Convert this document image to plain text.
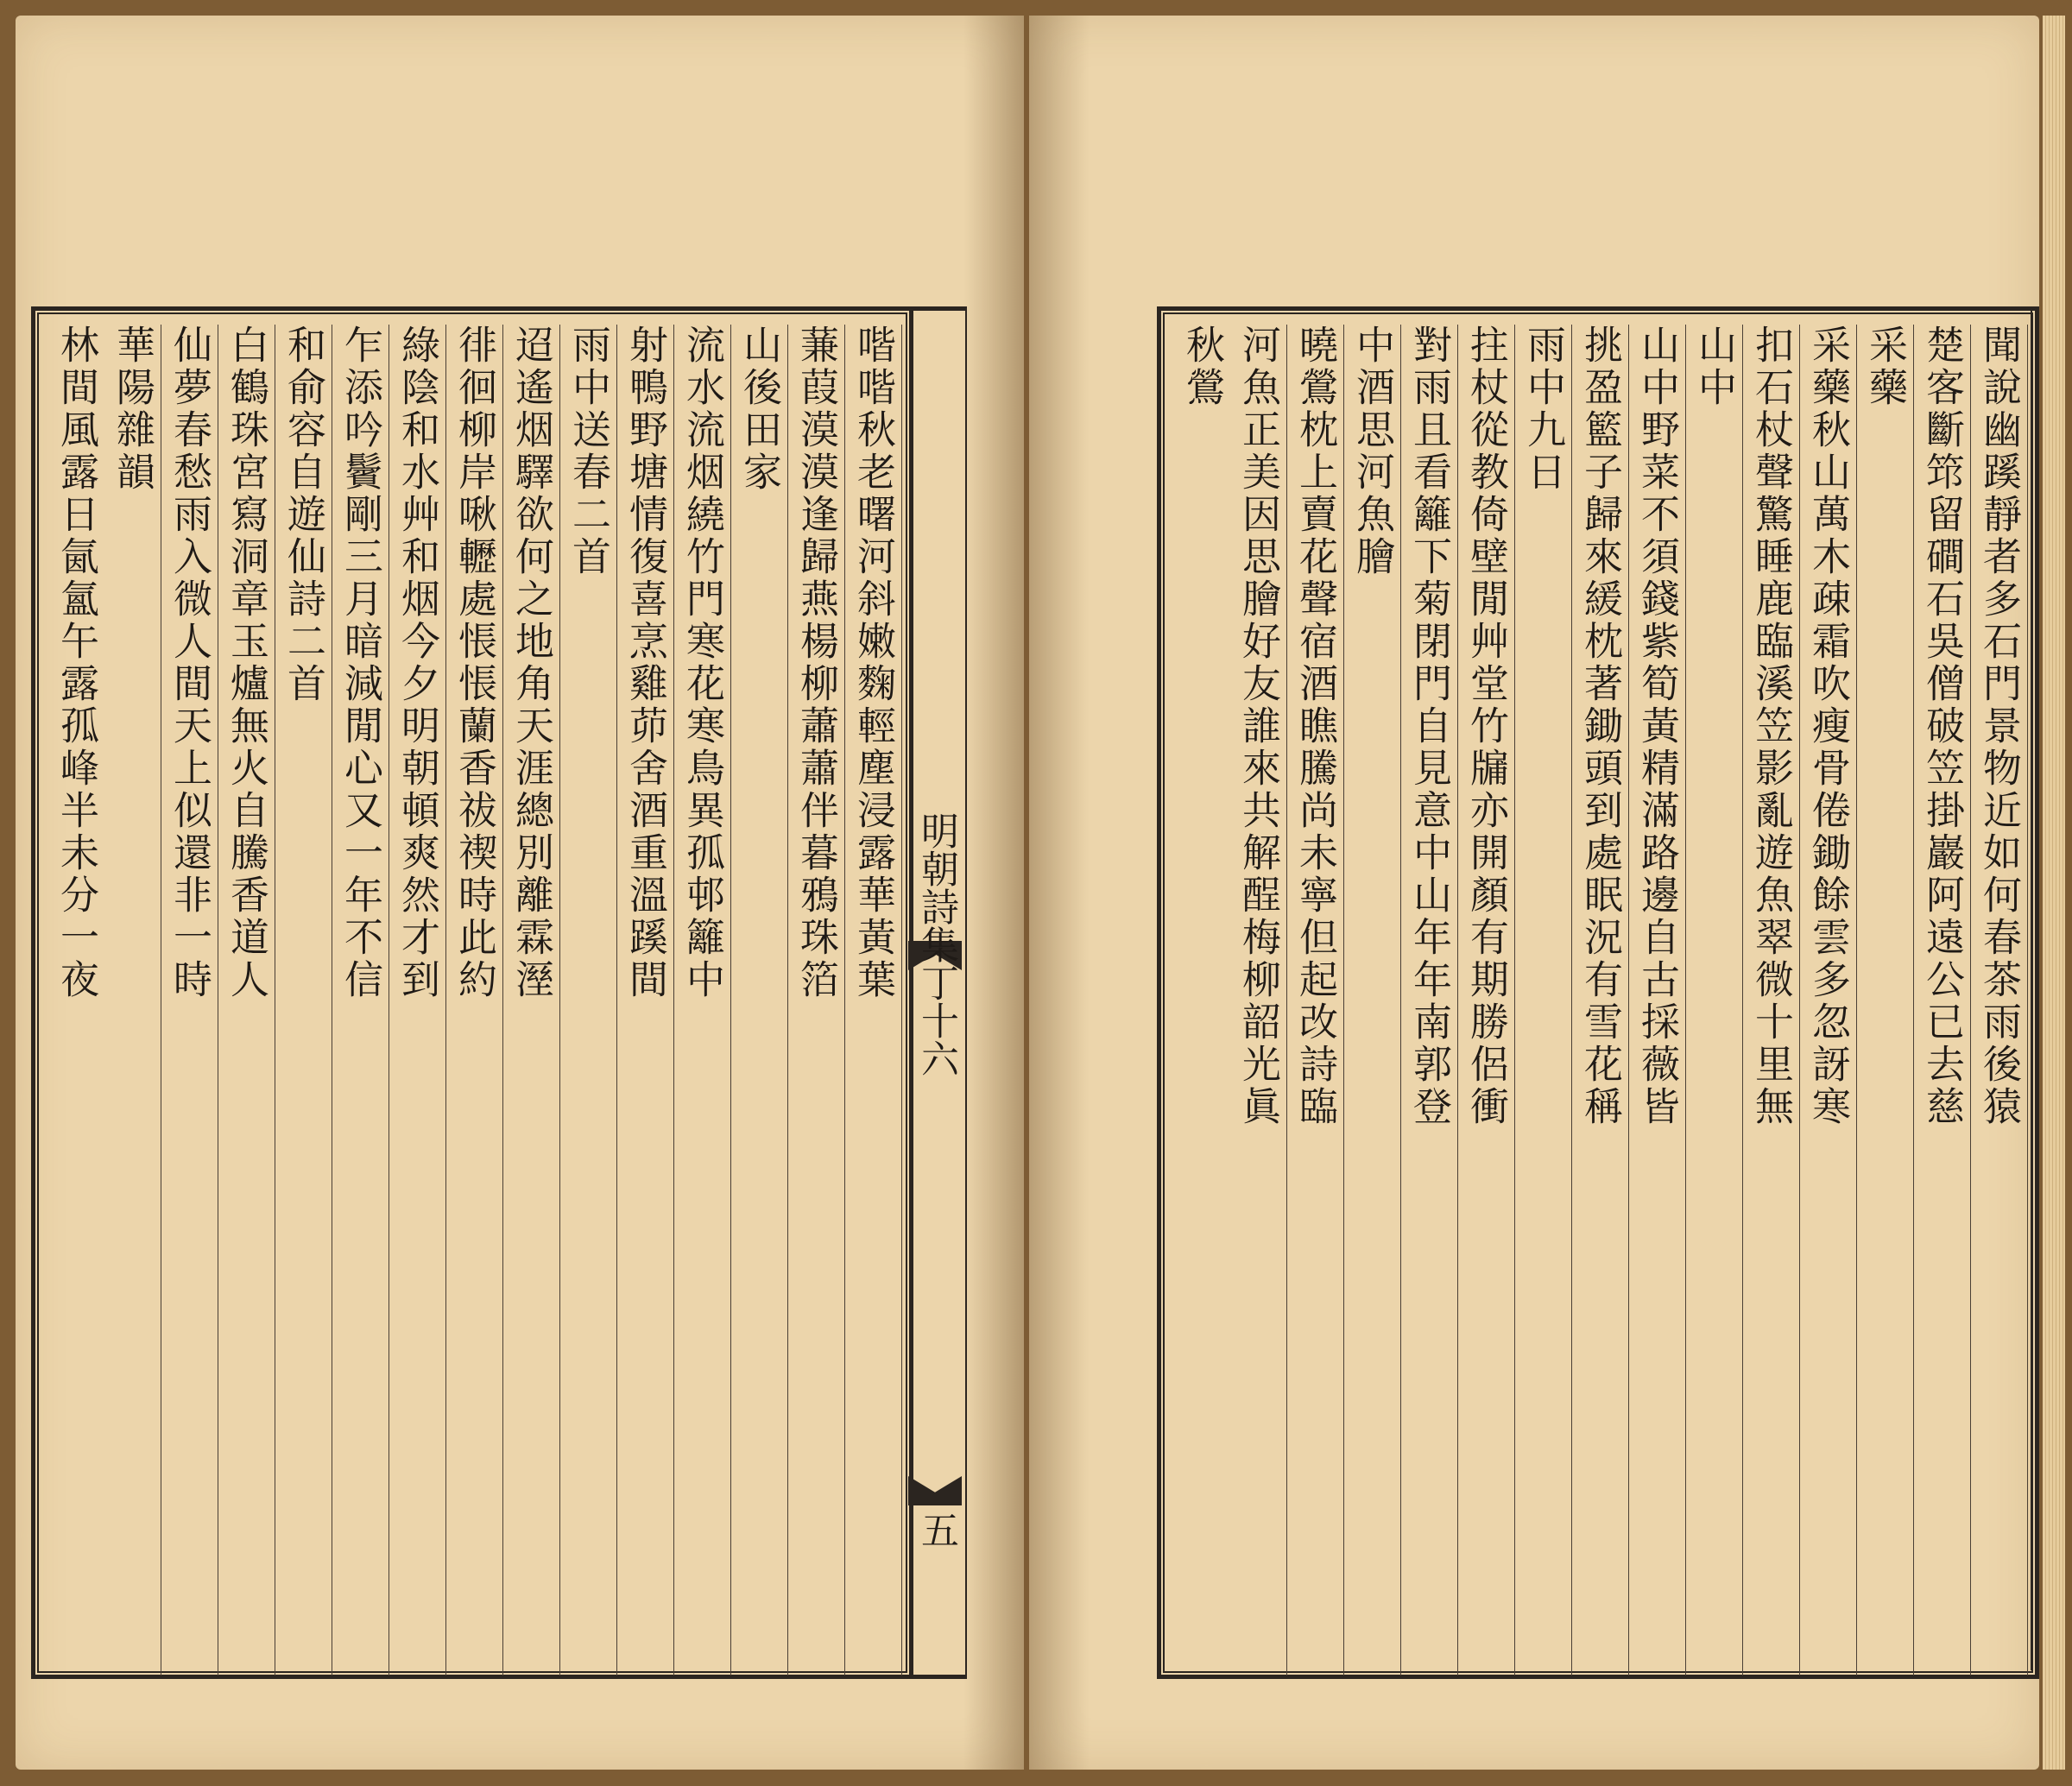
喈喈秋老曙河斜嫩麴輕塵浸露華黃葉
蒹葭漠漠逢歸燕楊柳蕭蕭伴暮鴉珠箔
山後田家
流水流烟繞竹門寒花寒鳥異孤邨籬中
射鴨野塘情復喜烹雞茆舍酒重溫蹊間
雨中送春二首
迢遙烟驛欲何之地角天涯總別離霖溼
徘徊柳岸啾轣處悵悵蘭香祓禊時此約
綠陰和水艸和烟今夕明朝頓爽然才到
乍添吟鬢剛三月暗減閒心又一年不信
和俞容自遊仙詩二首
白鶴珠宮寫洞章玉爐無火自騰香道人
仙夢春愁雨入微人間天上似還非一時
華陽雜韻
林間風露日氤氳午露孤峰半未分一夜	明朝詩集丁十六
五
聞說幽蹊靜者多石門景物近如何春茶雨後猿
楚客斷筇留磵石吳僧破笠掛巖阿遠公已去慈
采藥
采藥秋山萬木疎霜吹瘦骨倦鋤餘雲多忽訝寒
扣石杖聲驚睡鹿臨溪笠影亂遊魚翠微十里無
山中
山中野菜不須錢紫筍黃精滿路邊自古採薇皆
挑盈籃子歸來緩枕著鋤頭到處眠況有雪花稱
雨中九日
拄杖從教倚壁閒艸堂竹牖亦開顏有期勝侶衝
對雨且看籬下菊閉門自見意中山年年南郭登
中酒思河魚膾
曉鶯枕上賣花聲宿酒瞧騰尚未寧但起改詩臨
河魚正美因思膾好友誰來共解酲梅柳韶光眞
秋鶯
